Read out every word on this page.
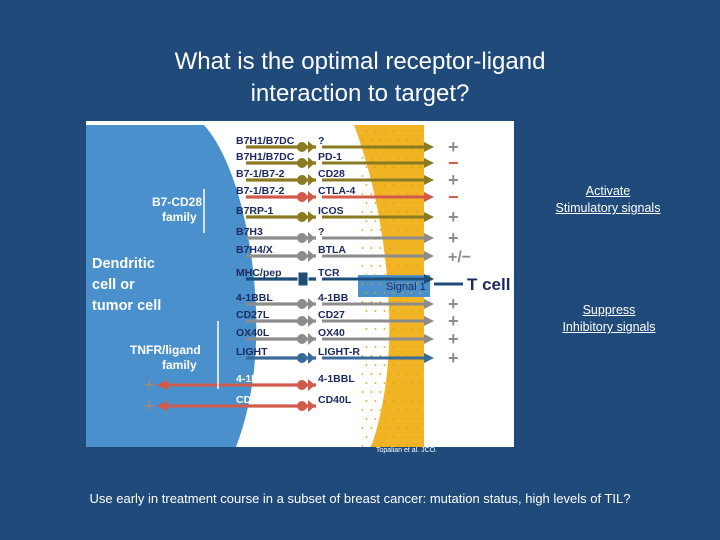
What is the optimal receptor-ligand
interaction to target?
+
−
+
−
+
+
+/−
+
+
+
+
+
+
B7H1/B7DC
B7H1/B7DC
B7-1/B7-2
B7-1/B7-2
B7RP-1
B7H3
B7H4/X
MHC/pep
4-1BBL
CD27L
OX40L
LIGHT
4-1BB
CD40
?
PD-1
CD28
CTLA-4
ICOS
?
BTLA
TCR
4-1BB
CD27
OX40
LIGHT-R
4-1BBL
CD40L
B7-CD28
family
Dendritic
cell or
tumor cell
TNFR/ligand
family
Signal 1 T cell
Activate
Stimulatory signals
Suppress
Inhibitory signals
Topalian et al. JCO.
Use early in treatment course in a subset of breast cancer: mutation status, high levels of TIL?
